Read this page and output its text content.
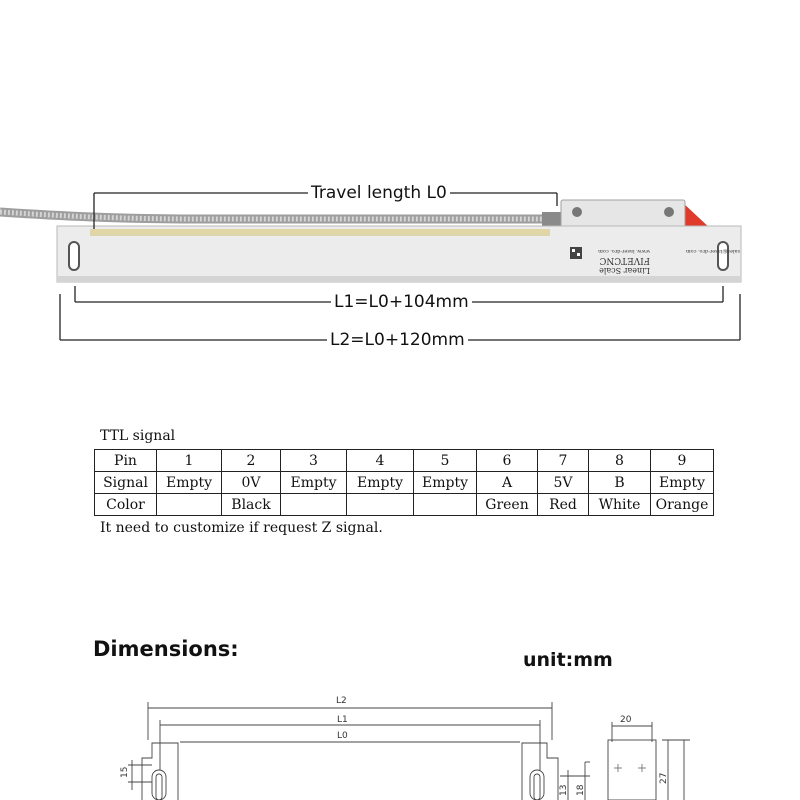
FIVETCNC
Linear Scale
www. laser-dro. com	sales@laser-dro. com
Travel length L0
L1=L0+104mm
L2=L0+120mm
TTL signal
Pin	1	2	3	4	5	6	7	8	9
Signal	Empty	0V	Empty	Empty	Empty	A	5V	B	Empty
Color		Black				Green	Red	White	Orange
It need to customize if request Z signal.
Dimensions:	unit:mm
L2
L1
L0
20
15
13 18
27
